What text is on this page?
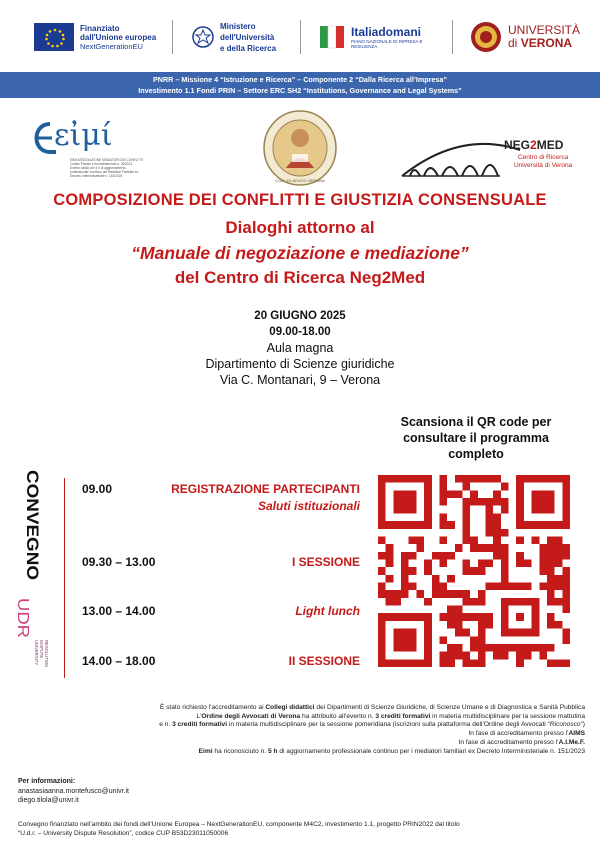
Finanziato
dall'Unione europea
NextGenerationEU
Ministero
dell'Università
e della Ricerca
Italiadomani
PIANO NAZIONALE DI RIPRESA E RESILIENZA
UNIVERSITÀ
di VERONA
PNRR – Missione 4 “Istruzione e Ricerca” – Componente 2 “Dalla Ricerca all’Impresa”
Investimento 1.1 Fondi PRIN – Settore ERC SH2 “Institutions, Governance and Legal Systems”
εἰμί
EIMI ASSOCIAZIONE MEDIATORI DEI CONFLITTI
Codice Fiscale e Accreditamento n. 20/2021
Evento valido per 5 h di aggiornamento
professionale continuo dei Mediatori Familiari ex
Decreto Interministeriale n. 151/2023
COLL·DI·ADVOC·VERONA
NEG2MED
Centro di Ricerca
Università di Verona
COMPOSIZIONE DEI CONFLITTI E GIUSTIZIA CONSENSUALE
Dialoghi attorno al
“Manuale di negoziazione e mediazione”
del Centro di Ricerca Neg2Med
20 GIUGNO 2025
09.00-18.00
Aula magna
Dipartimento di Scienze giuridiche
Via C. Montanari, 9 – Verona
Scansiona il QR code per
consultare il programma
completo
CONVEGNO
UDR
UNIVERSITY DISPUTE RESOLUTION
09.00	REGISTRAZIONE PARTECIPANTI
Saluti istituzionali
09.30 – 13.00	I SESSIONE
13.00 – 14.00	Light lunch
14.00 – 18.00	II SESSIONE
È stato richiesto l’accreditamento ai Collegi didattici dei Dipartimenti di Scienze Giuridiche, di Scienze Umane e di Diagnostica e Sanità Pubblica
L’Ordine degli Avvocati di Verona ha attribuito all’evento n. 3 crediti formativi in materia multidisciplinare per la sessione mattutina
e n. 3 crediti formativi in materia multidisciplinare per la sessione pomeridiana (iscrizioni sulla piattaforma dell’Ordine degli Avvocati “Riconosco”)
In fase di accreditamento presso l’AIMS
In fase di accreditamento presso l’A.I.Me.F.
Eimi ha riconosciuto n. 5 h di aggiornamento professionale continuo per i mediatori familiari ex Decreto Interministeriale n. 151/2023
Per informazioni:
anastasiaanna.montefusco@univr.it
diego.tilola@univr.it
Convegno finanziato nell’ambito dei fondi dell’Unione Europea – NextGenerationEU, componente M4C2, investimento 1.1, progetto PRIN2022 dal titolo
“U.d.r. – University Dispute Resolution”, codice CUP B53D23011050006
